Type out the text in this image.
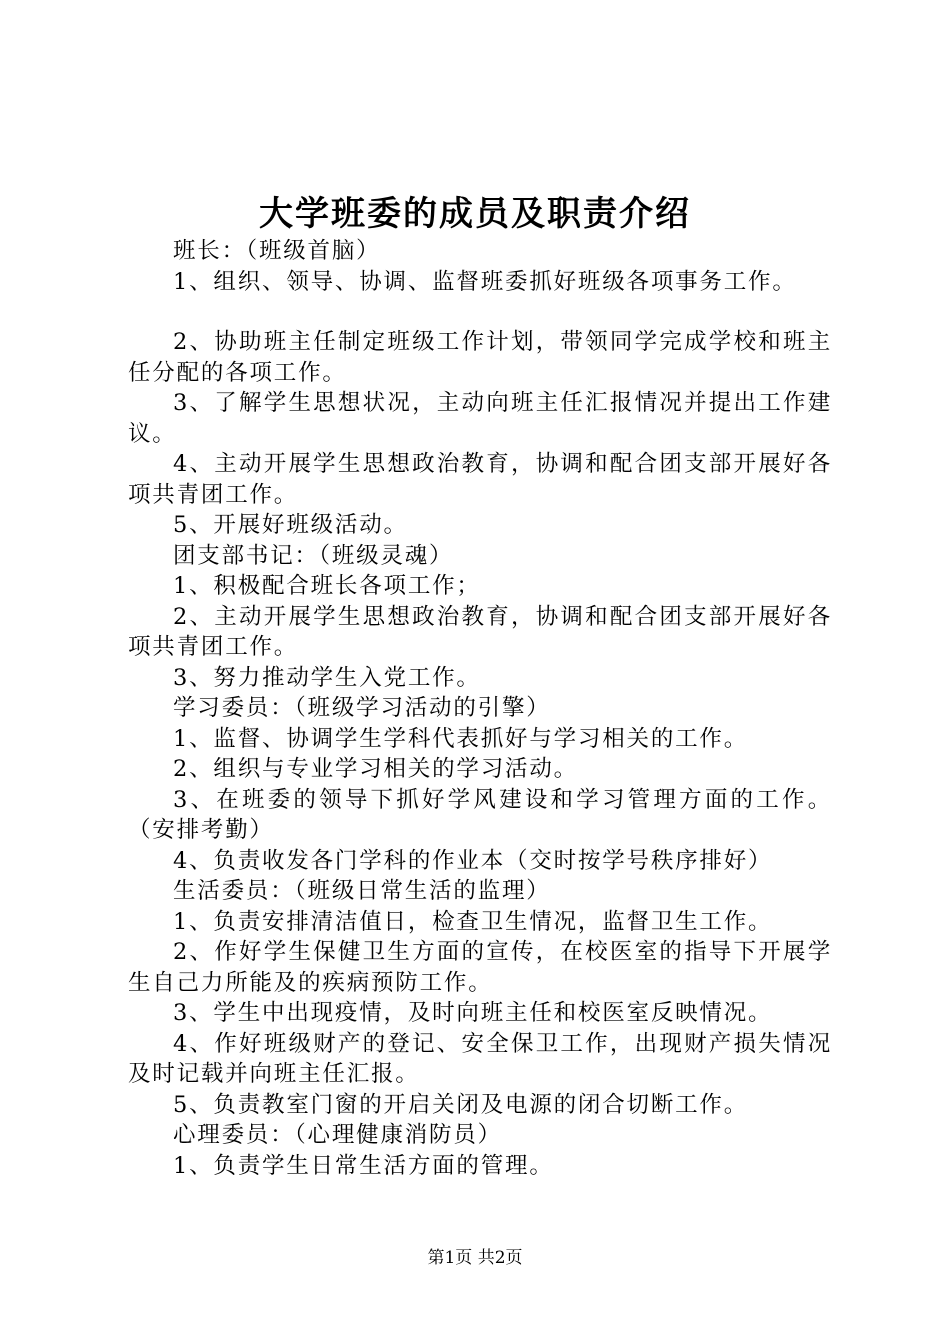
大学班委的成员及职责介绍

班长：（班级首脑）

1、组织、领导、协调、监督班委抓好班级各项事务工作。

2、协助班主任制定班级工作计划，带领同学完成学校和班主任分配的各项工作。

3、了解学生思想状况，主动向班主任汇报情况并提出工作建议。

4、主动开展学生思想政治教育，协调和配合团支部开展好各项共青团工作。

5、开展好班级活动。

团支部书记：（班级灵魂）

1、积极配合班长各项工作；

2、主动开展学生思想政治教育，协调和配合团支部开展好各项共青团工作。

3、努力推动学生入党工作。

学习委员：（班级学习活动的引擎）

1、监督、协调学生学科代表抓好与学习相关的工作。

2、组织与专业学习相关的学习活动。

3、在班委的领导下抓好学风建设和学习管理方面的工作。（安排考勤）

4、负责收发各门学科的作业本（交时按学号秩序排好）

生活委员：（班级日常生活的监理）

1、负责安排清洁值日，检查卫生情况，监督卫生工作。

2、作好学生保健卫生方面的宣传，在校医室的指导下开展学生自己力所能及的疾病预防工作。

3、学生中出现疫情，及时向班主任和校医室反映情况。

4、作好班级财产的登记、安全保卫工作，出现财产损失情况及时记载并向班主任汇报。

5、负责教室门窗的开启关闭及电源的闭合切断工作。

心理委员：（心理健康消防员）

1、负责学生日常生活方面的管理。

第1页 共2页
